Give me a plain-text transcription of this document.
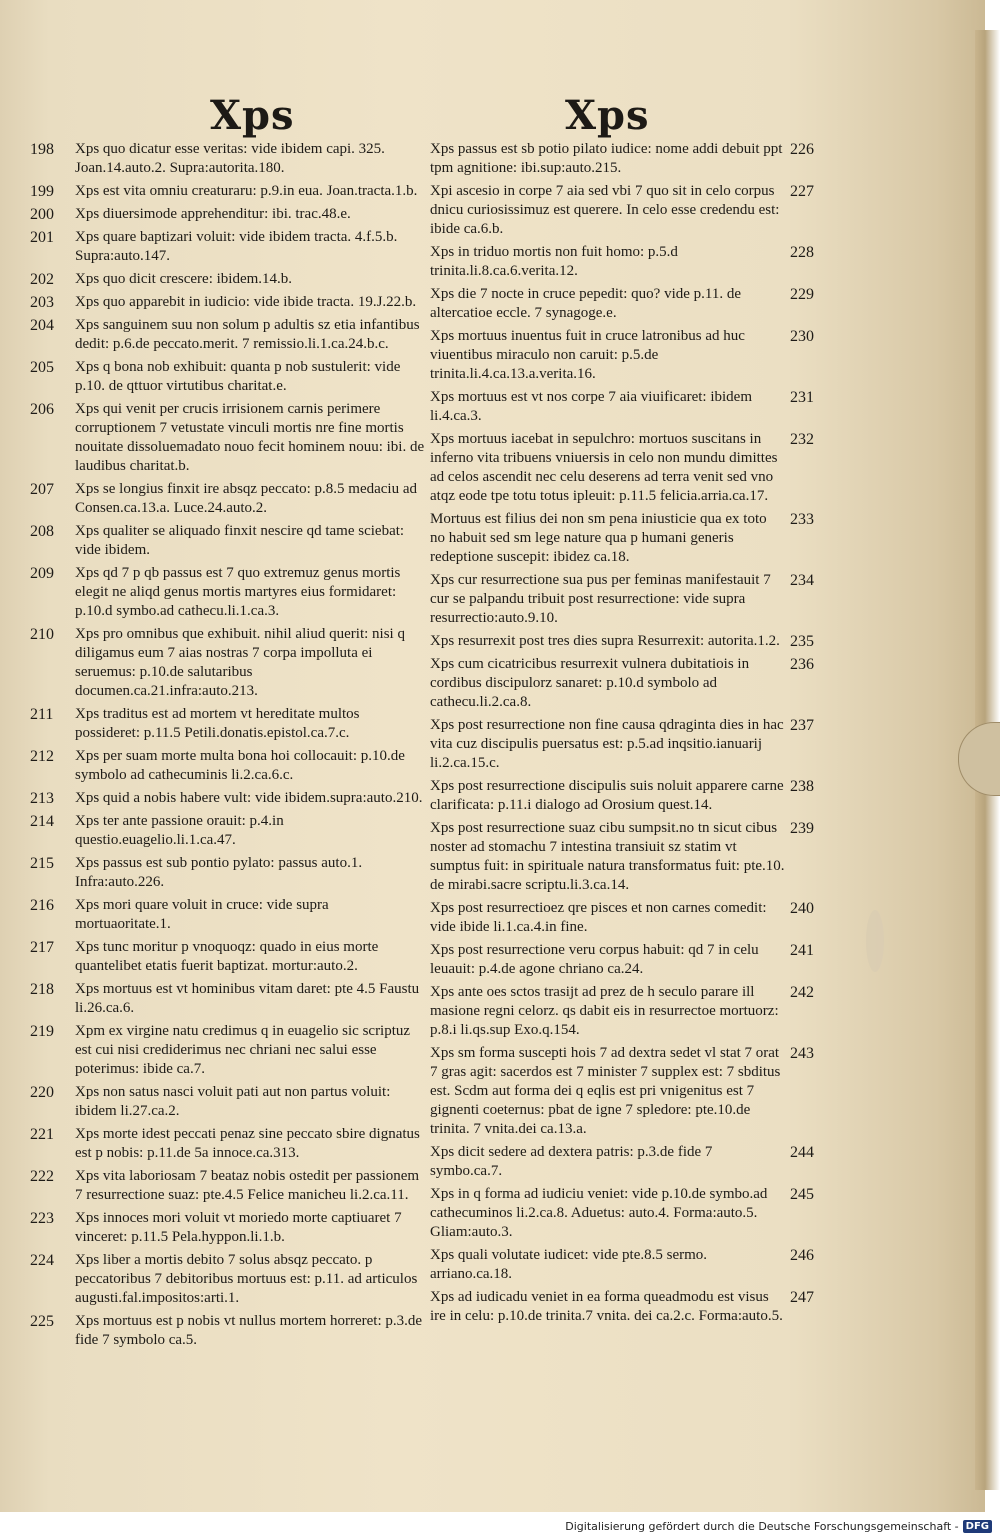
Xps	Xps
198 Xps quo dicatur esse veritas: vide ibidem capi. 325. Joan.14.auto.2. Supra:autorita.180.
199 Xps est vita omniu creaturaru: p.9.in eua. Joan.tracta.1.b.
200 Xps diuersimode apprehenditur: ibi. trac.48.e.
201 Xps quare baptizari voluit: vide ibidem tracta. 4.f.5.b. Supra:auto.147.
202 Xps quo dicit crescere: ibidem.14.b.
203 Xps quo apparebit in iudicio: vide ibide tracta. 19.J.22.b.
204 Xps sanguinem suu non solum p adultis sz etia infantibus dedit: p.6.de peccato.merit. 7 remissio.li.1.ca.24.b.c.
205 Xps q bona nob exhibuit: quanta p nob sustulerit: vide p.10. de qttuor virtutibus charitat.e.
206 Xps qui venit per crucis irrisionem carnis perimere corruptionem 7 vetustate vinculi mortis nre fine mortis nouitate dissoluemadato nouo fecit hominem nouu: ibi. de laudibus charitat.b.
207 Xps se longius finxit ire absqz peccato: p.8.5 medaciu ad Consen.ca.13.a. Luce.24.auto.2.
208 Xps qualiter se aliquado finxit nescire qd tame sciebat: vide ibidem.
209 Xps qd 7 p qb passus est 7 quo extremuz genus mortis elegit ne aliqd genus mortis martyres eius formidaret: p.10.d symbo.ad cathecu.li.1.ca.3.
210 Xps pro omnibus que exhibuit. nihil aliud querit: nisi q diligamus eum 7 aias nostras 7 corpa impolluta ei seruemus: p.10.de salutaribus documen.ca.21.infra:auto.213.
211 Xps traditus est ad mortem vt hereditate multos possideret: p.11.5 Petili.donatis.epistol.ca.7.c.
212 Xps per suam morte multa bona hoi collocauit: p.10.de symbolo ad cathecuminis li.2.ca.6.c.
213 Xps quid a nobis habere vult: vide ibidem.supra:auto.210.
214 Xps ter ante passione orauit: p.4.in questio.euagelio.li.1.ca.47.
215 Xps passus est sub pontio pylato: passus auto.1. Infra:auto.226.
216 Xps mori quare voluit in cruce: vide supra mortuaoritate.1.
217 Xps tunc moritur p vnoquoqz: quado in eius morte quantelibet etatis fuerit baptizat. mortur:auto.2.
218 Xps mortuus est vt hominibus vitam daret: pte 4.5 Faustu li.26.ca.6.
219 Xpm ex virgine natu credimus q in euagelio sic scriptuz est cui nisi crediderimus nec chriani nec salui esse poterimus: ibide ca.7.
220 Xps non satus nasci voluit pati aut non partus voluit: ibidem li.27.ca.2.
221 Xps morte idest peccati penaz sine peccato sbire dignatus est p nobis: p.11.de 5a innoce.ca.313.
222 Xps vita laboriosam 7 beataz nobis ostedit per passionem 7 resurrectione suaz: pte.4.5 Felice manicheu li.2.ca.11.
223 Xps innoces mori voluit vt moriedo morte captiuaret 7 vinceret: p.11.5 Pela.hyppon.li.1.b.
224 Xps liber a mortis debito 7 solus absqz peccato. p peccatoribus 7 debitoribus mortuus est: p.11. ad articulos augusti.fal.impositos:arti.1.
225 Xps mortuus est p nobis vt nullus mortem horreret: p.3.de fide 7 symbolo ca.5.
226
Xps passus est sb potio pilato iudice: nome addi debuit ppt tpm agnitione: ibi.sup:auto.215.
227
Xpi ascesio in corpe 7 aia sed vbi 7 quo sit in celo corpus dnicu curiosissimuz est querere. In celo esse credendu est: ibide ca.6.b.
228
Xps in triduo mortis non fuit homo: p.5.d trinita.li.8.ca.6.verita.12.
229
Xps die 7 nocte in cruce pepedit: quo? vide p.11. de altercatioe eccle. 7 synagoge.e.
230
Xps mortuus inuentus fuit in cruce latronibus ad huc viuentibus miraculo non caruit: p.5.de trinita.li.4.ca.13.a.verita.16.
231
Xps mortuus est vt nos corpe 7 aia viuificaret: ibidem li.4.ca.3.
232
Xps mortuus iacebat in sepulchro: mortuos suscitans in inferno vita tribuens vniuersis in celo non mundu dimittes ad celos ascendit nec celu deserens ad terra venit sed vno atqz eode tpe totu totus ipleuit: p.11.5 felicia.arria.ca.17.
233
Mortuus est filius dei non sm pena iniusticie qua ex toto no habuit sed sm lege nature qua p humani generis redeptione suscepit: ibidez ca.18.
234
Xps cur resurrectione sua pus per feminas manifestauit 7 cur se palpandu tribuit post resurrectione: vide supra resurrectio:auto.9.10.
235
Xps resurrexit post tres dies supra Resurrexit: autorita.1.2.
236
Xps cum cicatricibus resurrexit vulnera dubitatiois in cordibus discipulorz sanaret: p.10.d symbolo ad cathecu.li.2.ca.8.
237
Xps post resurrectione non fine causa qdraginta dies in hac vita cuz discipulis puersatus est: p.5.ad inqsitio.ianuarij li.2.ca.15.c.
238
Xps post resurrectione discipulis suis noluit apparere carne clarificata: p.11.i dialogo ad Orosium quest.14.
239
Xps post resurrectione suaz cibu sumpsit.no tn sicut cibus noster ad stomachu 7 intestina transiuit sz statim vt sumptus fuit: in spirituale natura transformatus fuit: pte.10. de mirabi.sacre scriptu.li.3.ca.14.
240
Xps post resurrectioez qre pisces et non carnes comedit: vide ibide li.1.ca.4.in fine.
241
Xps post resurrectione veru corpus habuit: qd 7 in celu leuauit: p.4.de agone chriano ca.24.
242
Xps ante oes sctos trasijt ad prez de h seculo parare ill masione regni celorz. qs dabit eis in resurrectoe mortuorz: p.8.i li.qs.sup Exo.q.154.
243
Xps sm forma suscepti hois 7 ad dextra sedet vl stat 7 orat 7 gras agit: sacerdos est 7 minister 7 supplex est: 7 sbditus est. Scdm aut forma dei q eqlis est pri vnigenitus est 7 gignenti coeternus: pbat de igne 7 spledore: pte.10.de trinita. 7 vnita.dei ca.13.a.
244
Xps dicit sedere ad dextera patris: p.3.de fide 7 symbo.ca.7.
245
Xps in q forma ad iudiciu veniet: vide p.10.de symbo.ad cathecuminos li.2.ca.8. Aduetus: auto.4. Forma:auto.5. Gliam:auto.3.
246
Xps quali volutate iudicet: vide pte.8.5 sermo. arriano.ca.18.
247
Xps ad iudicadu veniet in ea forma queadmodu est visus ire in celu: p.10.de trinita.7 vnita. dei ca.2.c. Forma:auto.5.
Digitalisierung gefördert durch die Deutsche Forschungsgemeinschaft - DFG
